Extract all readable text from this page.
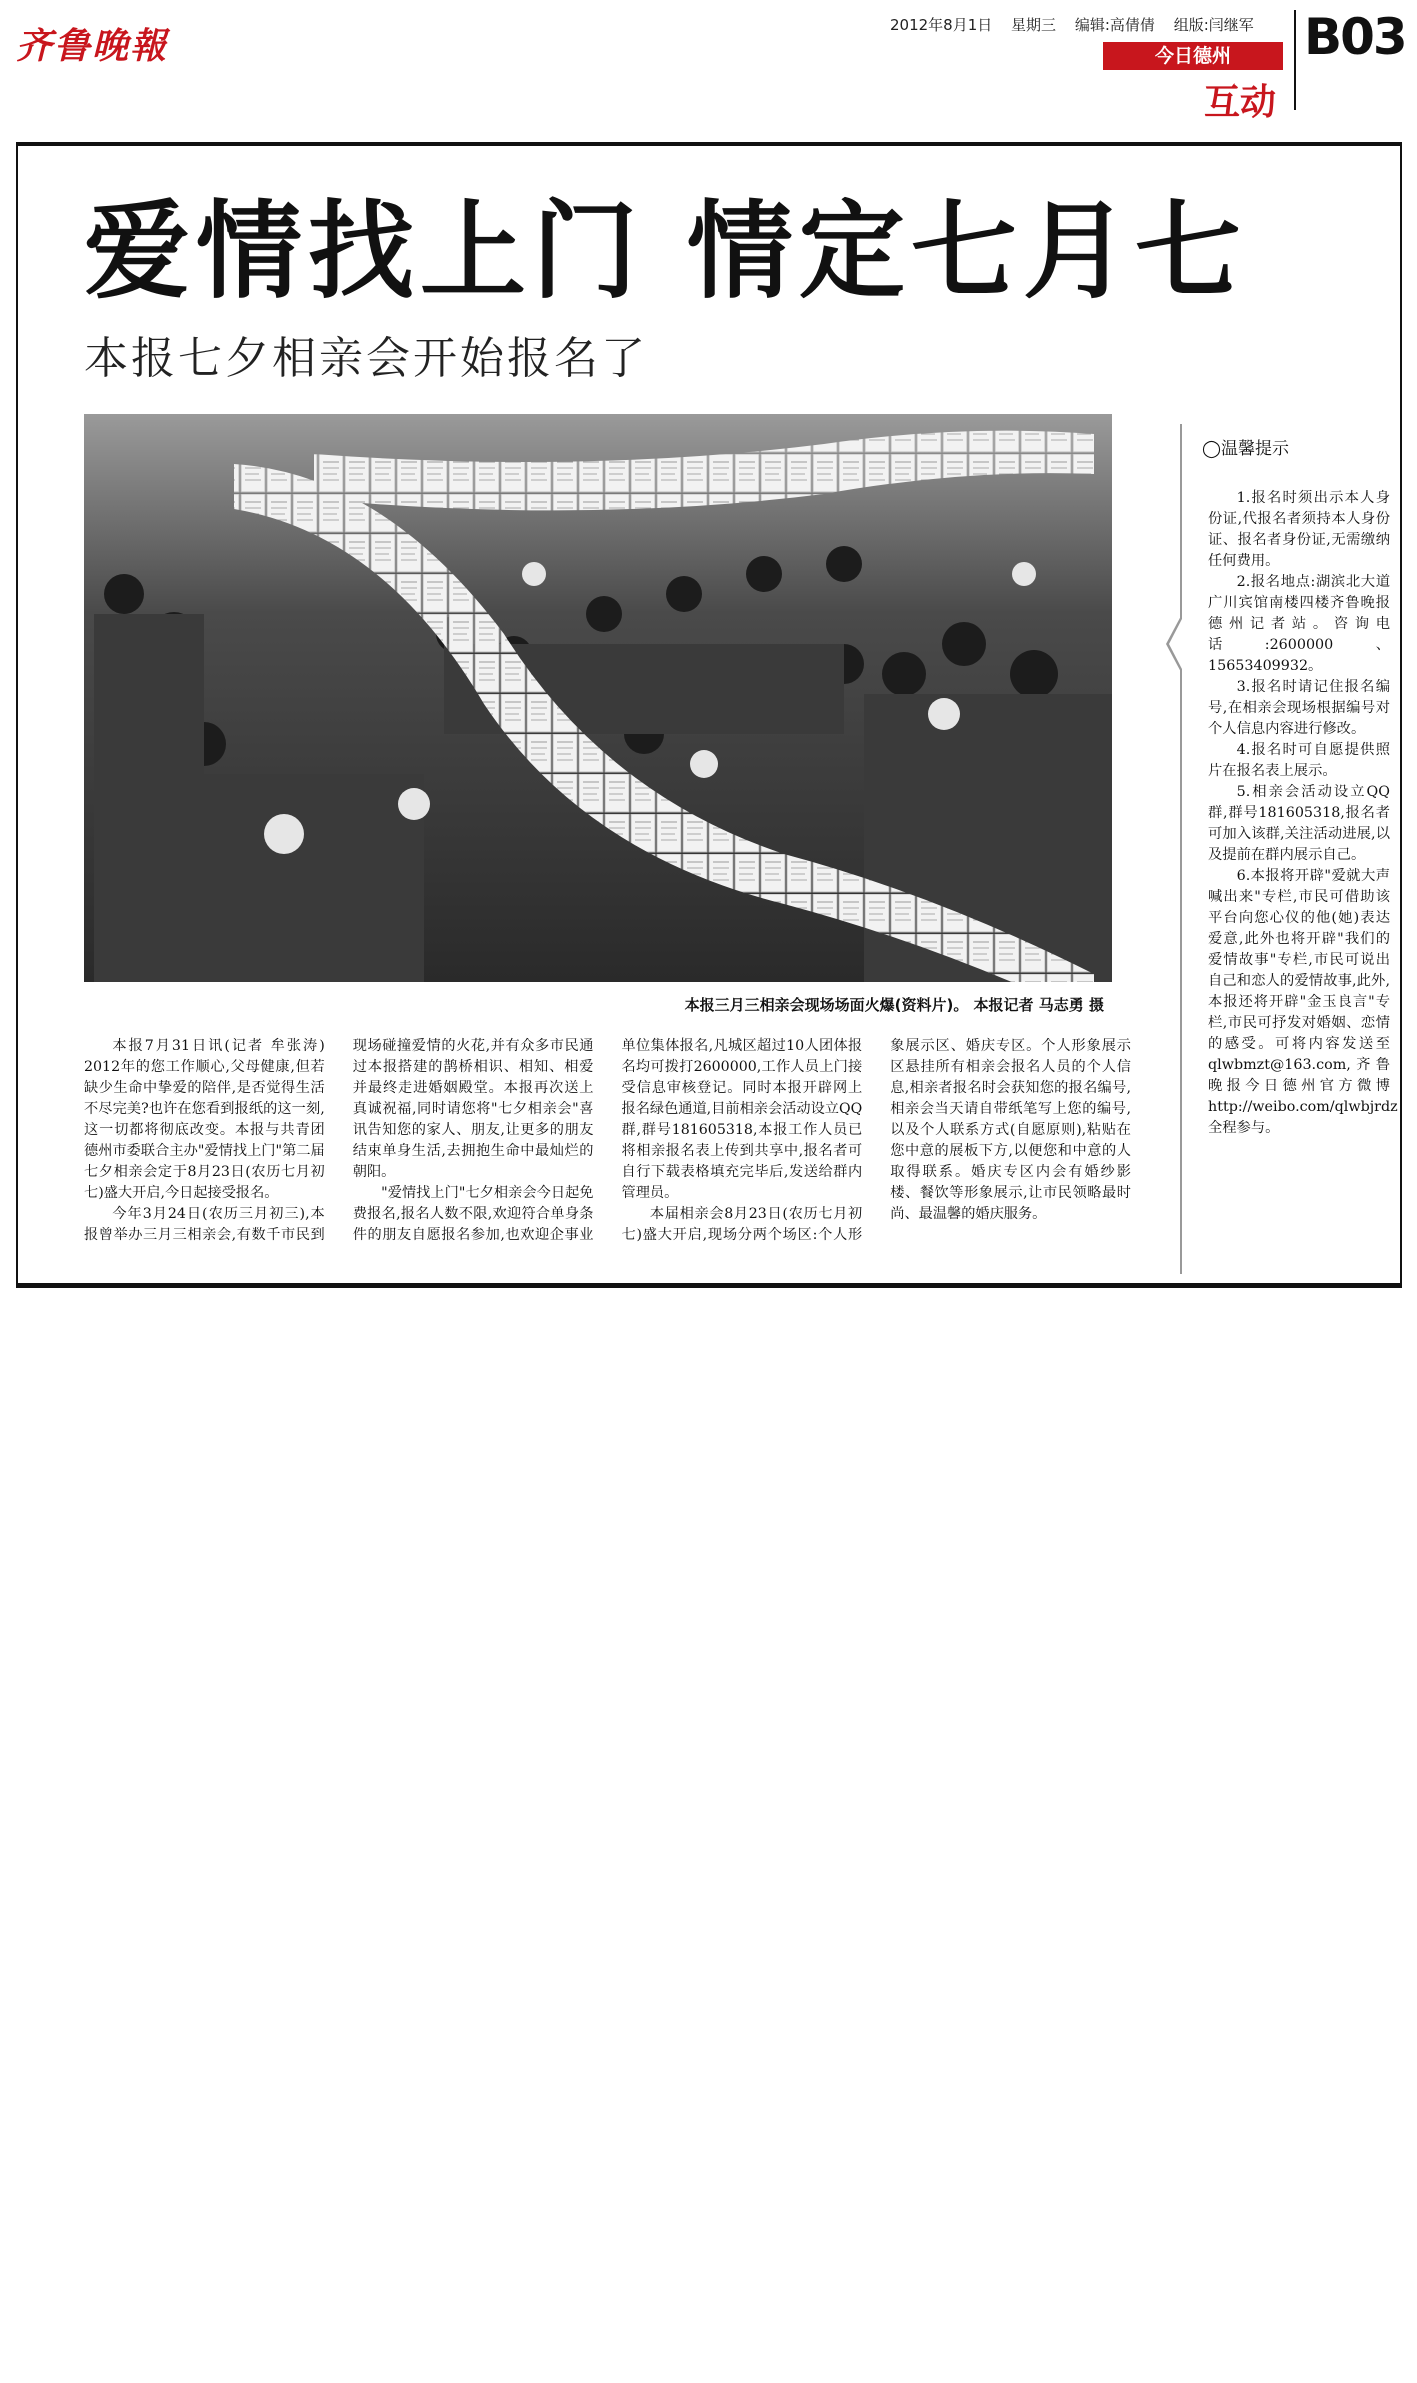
齐鲁晚報	2012年8月1日 星期三 编辑:高倩倩 组版:闫继军
今日德州
互动
B03
爱情找上门 情定七月七
本报七夕相亲会开始报名了
本报三月三相亲会现场场面火爆(资料片)。 本报记者 马志勇 摄

本报7月31日讯(记者 牟张涛) 2012年的您工作顺心,父母健康,但若缺少生命中挚爱的陪伴,是否觉得生活不尽完美?也许在您看到报纸的这一刻,这一切都将彻底改变。本报与共青团德州市委联合主办"爱情找上门"第二届七夕相亲会定于8月23日(农历七月初七)盛大开启,今日起接受报名。

今年3月24日(农历三月初三),本报曾举办三月三相亲会,有数千市民到现场碰撞爱情的火花,并有众多市民通过本报搭建的鹊桥相识、相知、相爱并最终走进婚姻殿堂。本报再次送上真诚祝福,同时请您将"七夕相亲会"喜讯告知您的家人、朋友,让更多的朋友结束单身生活,去拥抱生命中最灿烂的朝阳。

"爱情找上门"七夕相亲会今日起免费报名,报名人数不限,欢迎符合单身条件的朋友自愿报名参加,也欢迎企事业单位集体报名,凡城区超过10人团体报名均可拨打2600000,工作人员上门接受信息审核登记。同时本报开辟网上报名绿色通道,目前相亲会活动设立QQ群,群号181605318,本报工作人员已将相亲报名表上传到共享中,报名者可自行下载表格填充完毕后,发送给群内管理员。

本届相亲会8月23日(农历七月初七)盛大开启,现场分两个场区:个人形象展示区、婚庆专区。个人形象展示区悬挂所有相亲会报名人员的个人信息,相亲者报名时会获知您的报名编号,相亲会当天请自带纸笔写上您的编号,以及个人联系方式(自愿原则),粘贴在您中意的展板下方,以便您和中意的人取得联系。婚庆专区内会有婚纱影楼、餐饮等形象展示,让市民领略最时尚、最温馨的婚庆服务。

◯温馨提示

1.报名时须出示本人身份证,代报名者须持本人身份证、报名者身份证,无需缴纳任何费用。

2.报名地点:湖滨北大道广川宾馆南楼四楼齐鲁晚报德州记者站。咨询电话:2600000、15653409932。

3.报名时请记住报名编号,在相亲会现场根据编号对个人信息内容进行修改。

4.报名时可自愿提供照片在报名表上展示。

5.相亲会活动设立QQ群,群号181605318,报名者可加入该群,关注活动进展,以及提前在群内展示自己。

6.本报将开辟"爱就大声喊出来"专栏,市民可借助该平台向您心仪的他(她)表达爱意,此外也将开辟"我们的爱情故事"专栏,市民可说出自己和恋人的爱情故事,此外,本报还将开辟"金玉良言"专栏,市民可抒发对婚姻、恋情的感受。可将内容发送至qlwbmzt@163.com,齐鲁晚报今日德州官方微博http://weibo.com/qlwbjrdz全程参与。
